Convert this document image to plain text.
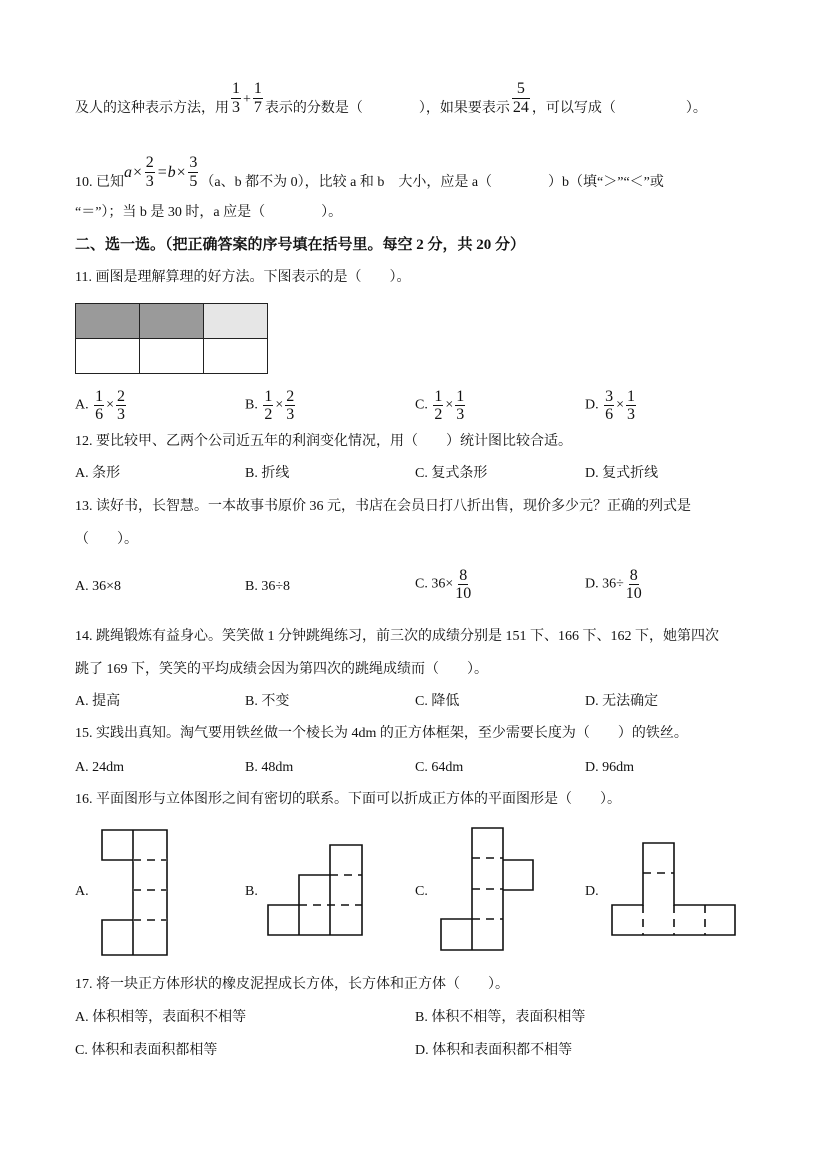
及人的这种表示方法，用 $\frac{1}{3} + \frac{1}{7}$ 表示的分数是（　　　　），如果要表示 $\frac{5}{24}$ ，可以写成（　　　　　）。
10. 已知$a\times \frac{2}{3} =b\times \frac{3}{5} (a$、b 都不为 0），比较 a 和 b　大小，应是 a（　　　　）b（填“＞”“＜”或
“＝”）；当 b 是 30 时，a 应是（　　　　）。
二、选一选。（把正确答案的序号填在括号里。每空 2 分，共 20 分）
11. 画图是理解算理的好方法。下图表示的是（　　）。

A. $\frac{1}{6} \times \frac{2}{3}$	B. $\frac{1}{2} \times \frac{2}{3}$	C. $\frac{1}{2} \times \frac{1}{3}$	D. $\frac{3}{6} \times \frac{1}{3}$
12. 要比较甲、乙两个公司近五年的利润变化情况，用（　　）统计图比较合适。
A. 条形	B. 折线	C. 复式条形	D. 复式折线
13. 读好书，长智慧。一本故事书原价 36 元，书店在会员日打八折出售，现价多少元？正确的列式是
（　　）。
A. 36×8	B. 36÷8	C. $36\times \frac{8}{10}$	D. $36\div \frac{8}{10}$
14. 跳绳锻炼有益身心。笑笑做 1 分钟跳绳练习，前三次的成绩分别是 151 下、166 下、162 下，她第四次
跳了 169 下，笑笑的平均成绩会因为第四次的跳绳成绩而（　　）。
A. 提高	B. 不变	C. 降低	D. 无法确定
15. 实践出真知。淘气要用铁丝做一个棱长为 4dm 的正方体框架，至少需要长度为（　　）的铁丝。
A. 24dm	B. 48dm	C. 64dm	D. 96dm
16. 平面图形与立体图形之间有密切的联系。下面可以折成正方体的平面图形是（　　）。
A.	B.	C.	D.
17. 将一块正方体形状的橡皮泥捏成长方体，长方体和正方体（　　）。
A. 体积相等，表面积不相等	B. 体积不相等，表面积相等
C. 体积和表面积都相等	D. 体积和表面积都不相等
